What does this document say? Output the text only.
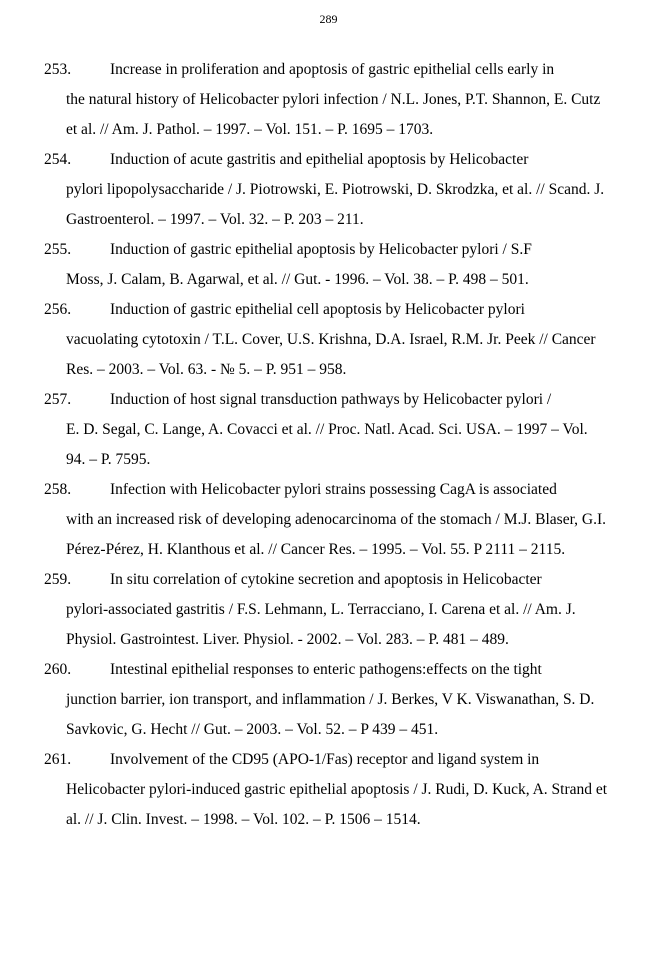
289
253.	Increase in proliferation and apoptosis of gastric epithelial cells early in
the natural history of Helicobacter pylori infection / N.L. Jones, P.T. Shannon, E. Cutz et al. // Am. J. Pathol. – 1997. – Vol. 151. – P. 1695 – 1703.
254.	Induction of acute gastritis and epithelial apoptosis by Helicobacter
pylori lipopolysaccharide / J. Piotrowski, E. Piotrowski, D. Skrodzka, et al. // Scand. J. Gastroenterol. – 1997. – Vol. 32. – P. 203 – 211.
255.	Induction of gastric epithelial apoptosis by Helicobacter pylori / S.F
Moss, J. Calam, B. Agarwal, et al. // Gut. - 1996. – Vol. 38. – P. 498 – 501.
256.	Induction of gastric epithelial cell apoptosis by Helicobacter pylori
vacuolating cytotoxin / T.L. Cover, U.S. Krishna, D.A. Israel, R.M. Jr. Peek // Cancer Res. – 2003. – Vol. 63. - № 5. – P. 951 – 958.
257.	Induction of host signal transduction pathways by Helicobacter pylori /
E. D. Segal, C. Lange, A. Covacci et al. // Proc. Natl. Acad. Sci. USA. – 1997 – Vol. 94. – P. 7595.
258.	Infection with Helicobacter pylori strains possessing CagA is associated
with an increased risk of developing adenocarcinoma of the stomach / M.J. Blaser, G.I. Pérez-Pérez, H. Klanthous et al. // Cancer Res. – 1995. – Vol. 55. P 2111 – 2115.
259.	In situ correlation of cytokine secretion and apoptosis in Helicobacter
pylori-associated gastritis / F.S. Lehmann, L. Terracciano, I. Carena et al. // Am. J. Physiol. Gastrointest. Liver. Physiol. - 2002. – Vol. 283. – P. 481 – 489.
260.	Intestinal epithelial responses to enteric pathogens:effects on the tight
junction barrier, ion transport, and inflammation / J. Berkes, V K. Viswanathan, S. D. Savkovic, G. Hecht // Gut. – 2003. – Vol. 52. – P 439 – 451.
261.	Involvement of the CD95 (APO-1/Fas) receptor and ligand system in
Helicobacter pylori-induced gastric epithelial apoptosis / J. Rudi, D. Kuck, A. Strand et al. // J. Clin. Invest. – 1998. – Vol. 102. – P. 1506 – 1514.
